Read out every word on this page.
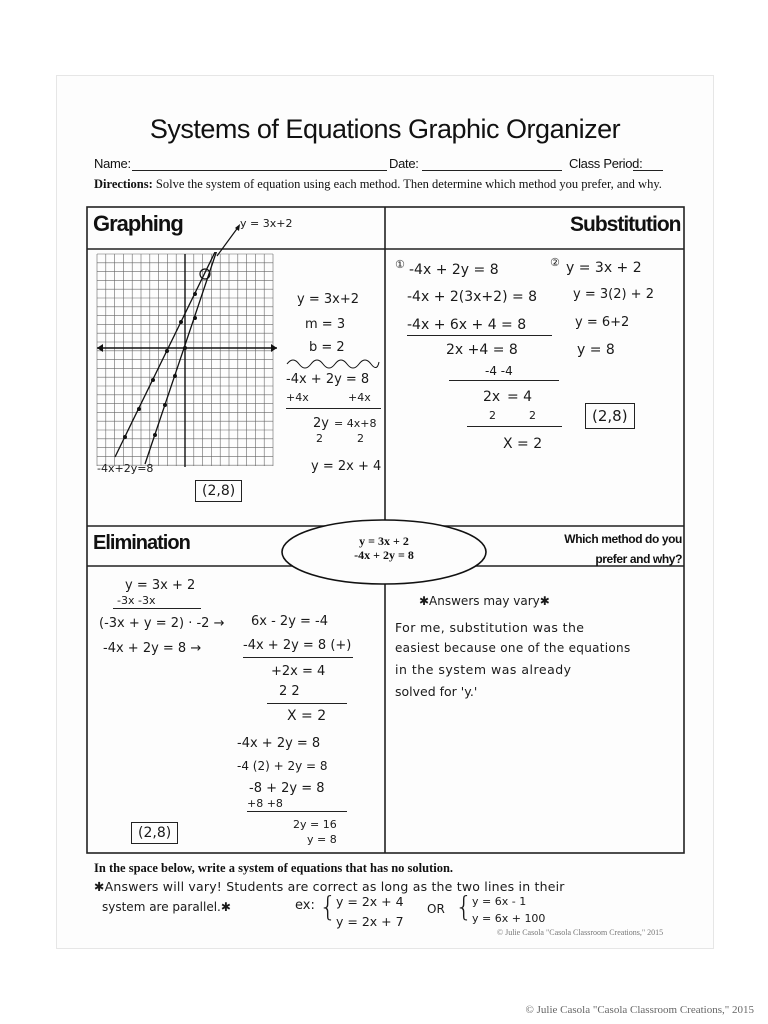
Systems of Equations Graphic Organizer
Name:	Date:	Class Period:
Directions: Solve the system of equation using each method. Then determine which method you prefer, and why.
Graphing	y = 3x+2
-4x+2y=8
y = 3x+2
m = 3
b = 2
-4x + 2y = 8
+4x	+4x
2y
2
= 4x+8
2
y = 2x + 4
(2,8)
Substitution
① -4x + 2y = 8
-4x + 2(3x+2) = 8
-4x + 6x + 4 = 8
2x +4 = 8
-4 -4
2x
2
= 4
2
X = 2
② y = 3x + 2
y = 3(2) + 2
y = 6+2
y = 8
(2,8)
y = 3x + 2
-4x + 2y = 8
Elimination
y = 3x + 2
-3x -3x
(-3x + y = 2) · -2 → 6x - 2y = -4
-4x + 2y = 8 →	-4x + 2y = 8 (+)
+2x = 4
2 2
X = 2
-4x + 2y = 8
-4 (2) + 2y = 8
-8 + 2y = 8
+8 +8
2y = 16
y = 8
(2,8)
Which method do you prefer and why?
✱Answers may vary✱
For me, substitution was the
easiest because one of the equations
in the system was already
solved for 'y.'
In the space below, write a system of equations that has no solution.
✱Answers will vary! Students are correct as long as the two lines in their
system are parallel.✱	ex: { y = 2x + 4
y = 2x + 7
OR { y = 6x - 1
y = 6x + 100
© Julie Casola "Casola Classroom Creations," 2015
© Julie Casola "Casola Classroom Creations," 2015
